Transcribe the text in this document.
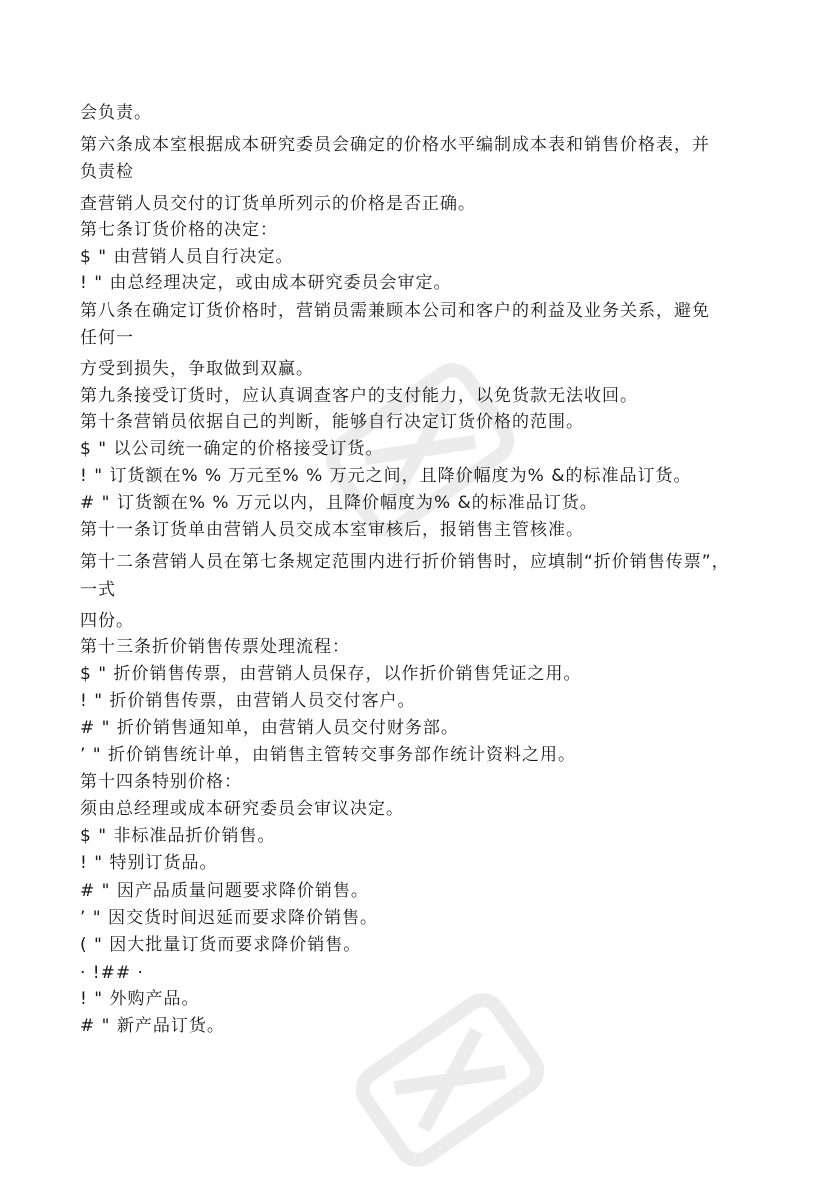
会负责。

第六条成本室根据成本研究委员会确定的价格水平编制成本表和销售价格表，并

负责检

查营销人员交付的订货单所列示的价格是否正确。

第七条订货价格的决定：

$ " 由营销人员自行决定。

! " 由总经理决定，或由成本研究委员会审定。

第八条在确定订货价格时，营销员需兼顾本公司和客户的利益及业务关系，避免

任何一

方受到损失，争取做到双赢。

第九条接受订货时，应认真调查客户的支付能力，以免货款无法收回。

第十条营销员依据自己的判断，能够自行决定订货价格的范围。

$ " 以公司统一确定的价格接受订货。

! " 订货额在% % 万元至% % 万元之间，且降价幅度为% &的标准品订货。

# " 订货额在% % 万元以内，且降价幅度为% &的标准品订货。

第十一条订货单由营销人员交成本室审核后，报销售主管核准。

第十二条营销人员在第七条规定范围内进行折价销售时，应填制“折价销售传票”，

一式

四份。

第十三条折价销售传票处理流程：

$ " 折价销售传票，由营销人员保存，以作折价销售凭证之用。

! " 折价销售传票，由营销人员交付客户。

# " 折价销售通知单，由营销人员交付财务部。

’ " 折价销售统计单，由销售主管转交事务部作统计资料之用。

第十四条特别价格：

须由总经理或成本研究委员会审议决定。

$ " 非标准品折价销售。

! " 特别订货品。

# " 因产品质量问题要求降价销售。

’ " 因交货时间迟延而要求降价销售。

( " 因大批量订货而要求降价销售。

· !## ·

! " 外购产品。

# " 新产品订货。
